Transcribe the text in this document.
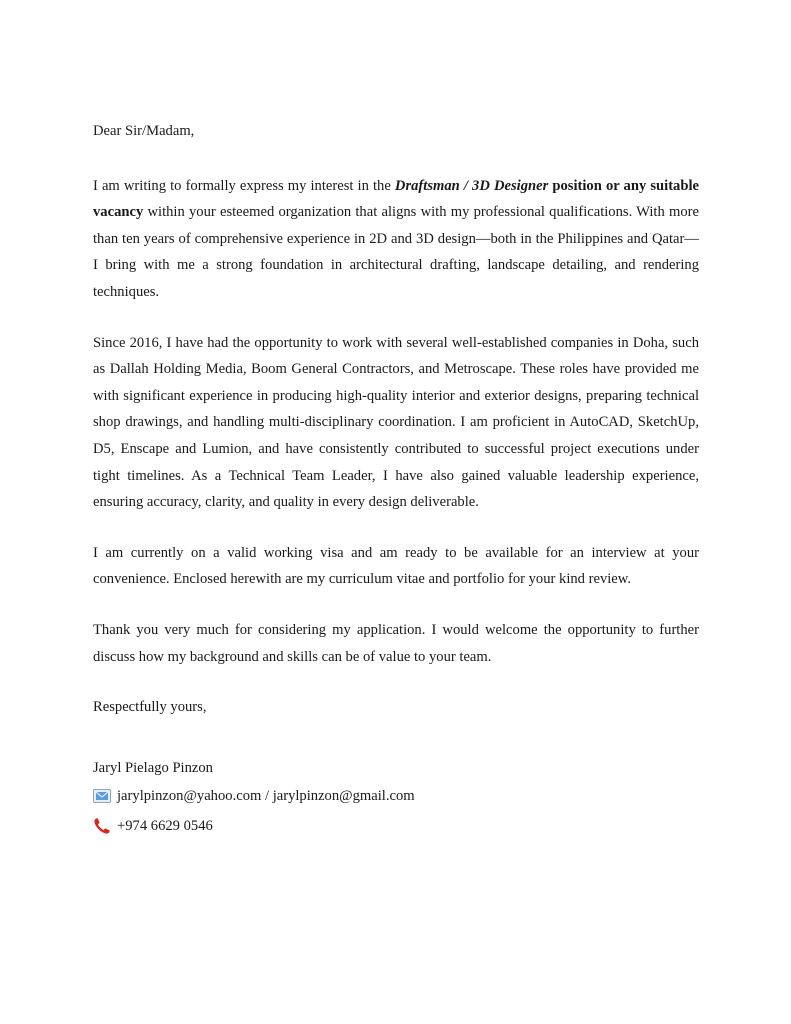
Dear Sir/Madam,

I am writing to formally express my interest in the Draftsman / 3D Designer position or any suitable vacancy within your esteemed organization that aligns with my professional qualifications. With more than ten years of comprehensive experience in 2D and 3D design—both in the Philippines and Qatar—I bring with me a strong foundation in architectural drafting, landscape detailing, and rendering techniques.

Since 2016, I have had the opportunity to work with several well-established companies in Doha, such as Dallah Holding Media, Boom General Contractors, and Metroscape. These roles have provided me with significant experience in producing high-quality interior and exterior designs, preparing technical shop drawings, and handling multi-disciplinary coordination. I am proficient in AutoCAD, SketchUp, D5, Enscape and Lumion, and have consistently contributed to successful project executions under tight timelines. As a Technical Team Leader, I have also gained valuable leadership experience, ensuring accuracy, clarity, and quality in every design deliverable.

I am currently on a valid working visa and am ready to be available for an interview at your convenience. Enclosed herewith are my curriculum vitae and portfolio for your kind review.

Thank you very much for considering my application. I would welcome the opportunity to further discuss how my background and skills can be of value to your team.

Respectfully yours,
Jaryl Pielago Pinzon
jarylpinzon@yahoo.com / jarylpinzon@gmail.com
+974 6629 0546
